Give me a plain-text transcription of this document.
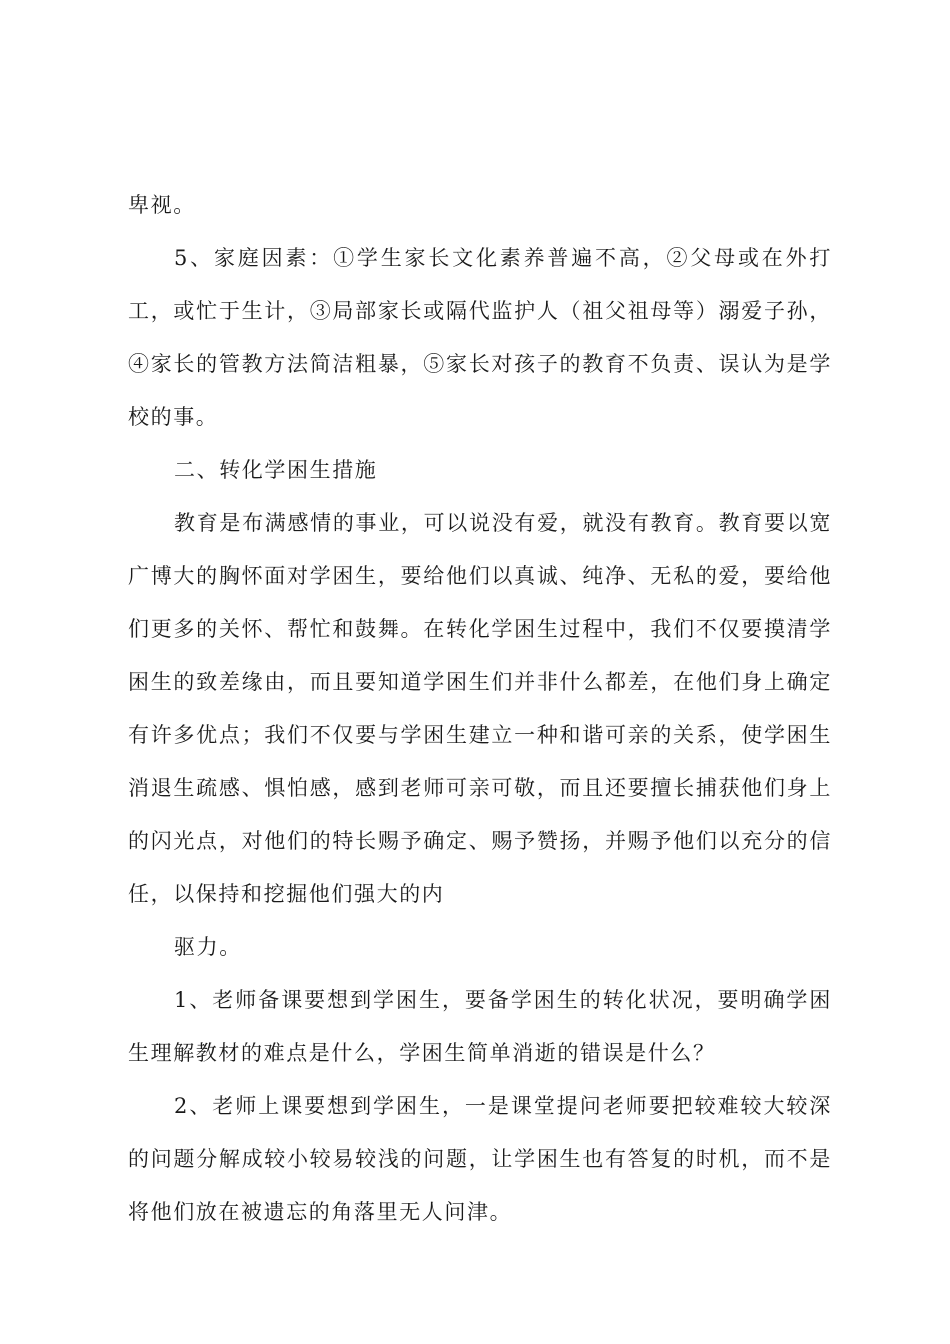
卑视。

5、家庭因素：①学生家长文化素养普遍不高，②父母或在外打工，或忙于生计，③局部家长或隔代监护人（祖父祖母等）溺爱子孙，④家长的管教方法简洁粗暴，⑤家长对孩子的教育不负责、误认为是学校的事。

二、转化学困生措施

教育是布满感情的事业，可以说没有爱，就没有教育。教育要以宽广博大的胸怀面对学困生，要给他们以真诚、纯净、无私的爱，要给他们更多的关怀、帮忙和鼓舞。在转化学困生过程中，我们不仅要摸清学困生的致差缘由，而且要知道学困生们并非什么都差，在他们身上确定有许多优点；我们不仅要与学困生建立一种和谐可亲的关系，使学困生消退生疏感、惧怕感，感到老师可亲可敬，而且还要擅长捕获他们身上的闪光点，对他们的特长赐予确定、赐予赞扬，并赐予他们以充分的信任，以保持和挖掘他们强大的内

驱力。

1、老师备课要想到学困生，要备学困生的转化状况，要明确学困生理解教材的难点是什么，学困生简单消逝的错误是什么？

2、老师上课要想到学困生，一是课堂提问老师要把较难较大较深的问题分解成较小较易较浅的问题，让学困生也有答复的时机，而不是将他们放在被遗忘的角落里无人问津。
